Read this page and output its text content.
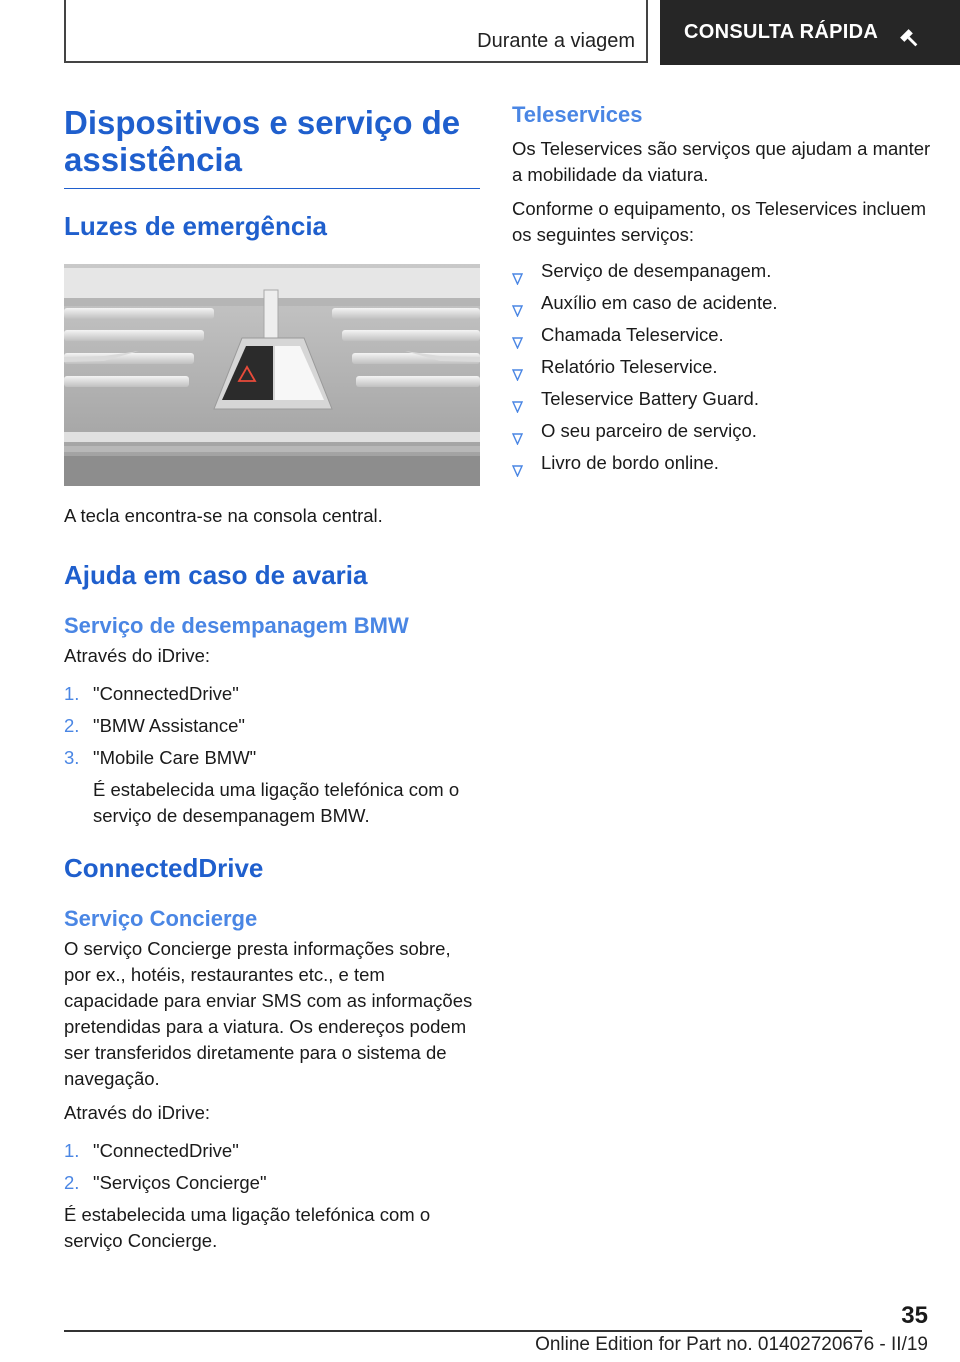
Durante a viagem CONSULTA RÁPIDA
Dispositivos e serviço de assistência
Luzes de emergência

A tecla encontra-se na consola central.

Ajuda em caso de avaria
Serviço de desempanagem BMW

Através do iDrive:

1. "ConnectedDrive"
2. "BMW Assistance"
3. "Mobile Care BMW"
É estabelecida uma ligação telefónica com o serviço de desempanagem BMW.
ConnectedDrive
Serviço Concierge

O serviço Concierge presta informações sobre, por ex., hotéis, restaurantes etc., e tem capacidade para enviar SMS com as informações pretendidas para a viatura. Os endereços podem ser transferidos diretamente para o sistema de navegação.

Através do iDrive:

1. "ConnectedDrive"
2. "Serviços Concierge"

É estabelecida uma ligação telefónica com o serviço Concierge.

Teleservices

Os Teleservices são serviços que ajudam a manter a mobilidade da viatura.

Conforme o equipamento, os Teleservices incluem os seguintes serviços:

Serviço de desempanagem.
Auxílio em caso de acidente.
Chamada Teleservice.
Relatório Teleservice.
Teleservice Battery Guard.
O seu parceiro de serviço.
Livro de bordo online.
35
Online Edition for Part no. 01402720676 - II/19
